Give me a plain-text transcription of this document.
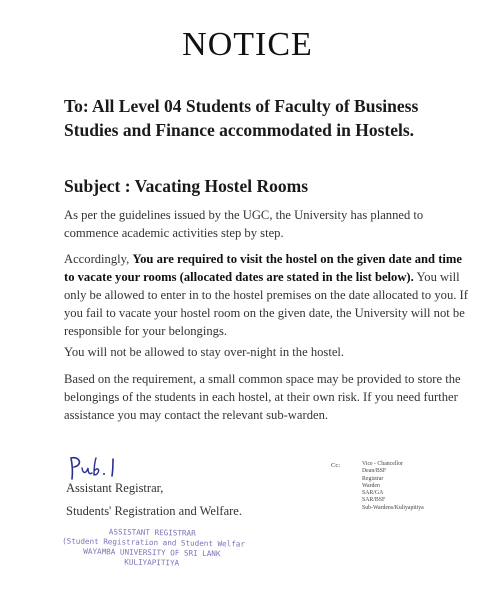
NOTICE
To: All Level 04 Students of Faculty of Business Studies and Finance accommodated in Hostels.
Subject : Vacating Hostel Rooms
As per the guidelines issued by the UGC, the University has planned to commence academic activities step by step.
Accordingly, You are required to visit the hostel on the given date and time to vacate your rooms (allocated dates are stated in the list below). You will only be allowed to enter in to the hostel premises on the date allocated to you. If you fail to vacate your hostel room on the given date, the University will not be responsible for your belongings.
You will not be allowed to stay over-night in the hostel.
Based on the requirement, a small common space may be provided to store the belongings of the students in each hostel, at their own risk. If you need further assistance you may contact the relevant sub-warden.
Assistant Registrar,
Students' Registration and Welfare.
ASSISTANT REGISTRAR
(Student Registration and Student Welfar
WAYAMBA UNIVERSITY OF SRI LANK
KULIYAPITIYA
Cc:	Vice - Chancellor
Dean/BSF
Registrar
Warden
SAR/GA
SAR/BSF
Sub-Wardens/Kuliyapitiya
